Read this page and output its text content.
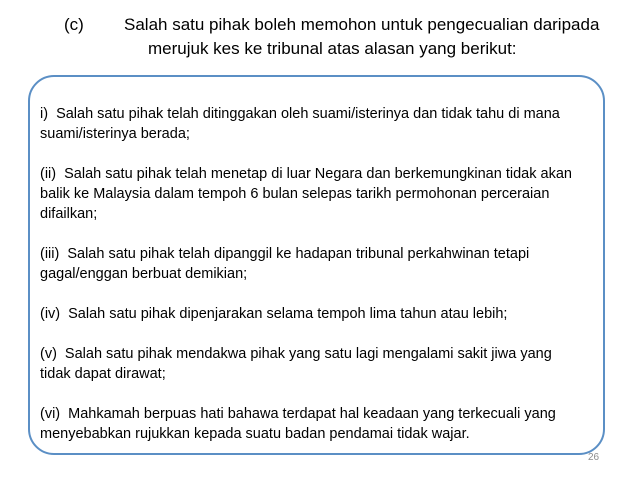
(c) Salah satu pihak boleh memohon untuk pengecualian daripada
merujuk kes ke tribunal atas alasan yang berikut:
i) Salah satu pihak telah ditinggakan oleh suami/isterinya dan tidak tahu di mana
suami/isterinya berada;
(ii) Salah satu pihak telah menetap di luar Negara dan berkemungkinan tidak akan
balik ke Malaysia dalam tempoh 6 bulan selepas tarikh permohonan perceraian
difailkan;
(iii) Salah satu pihak telah dipanggil ke hadapan tribunal perkahwinan tetapi
gagal/enggan berbuat demikian;
(iv) Salah satu pihak dipenjarakan selama tempoh lima tahun atau lebih;
(v) Salah satu pihak mendakwa pihak yang satu lagi mengalami sakit jiwa yang
tidak dapat dirawat;
(vi) Mahkamah berpuas hati bahawa terdapat hal keadaan yang terkecuali yang
menyebabkan rujukkan kepada suatu badan pendamai tidak wajar.
26
